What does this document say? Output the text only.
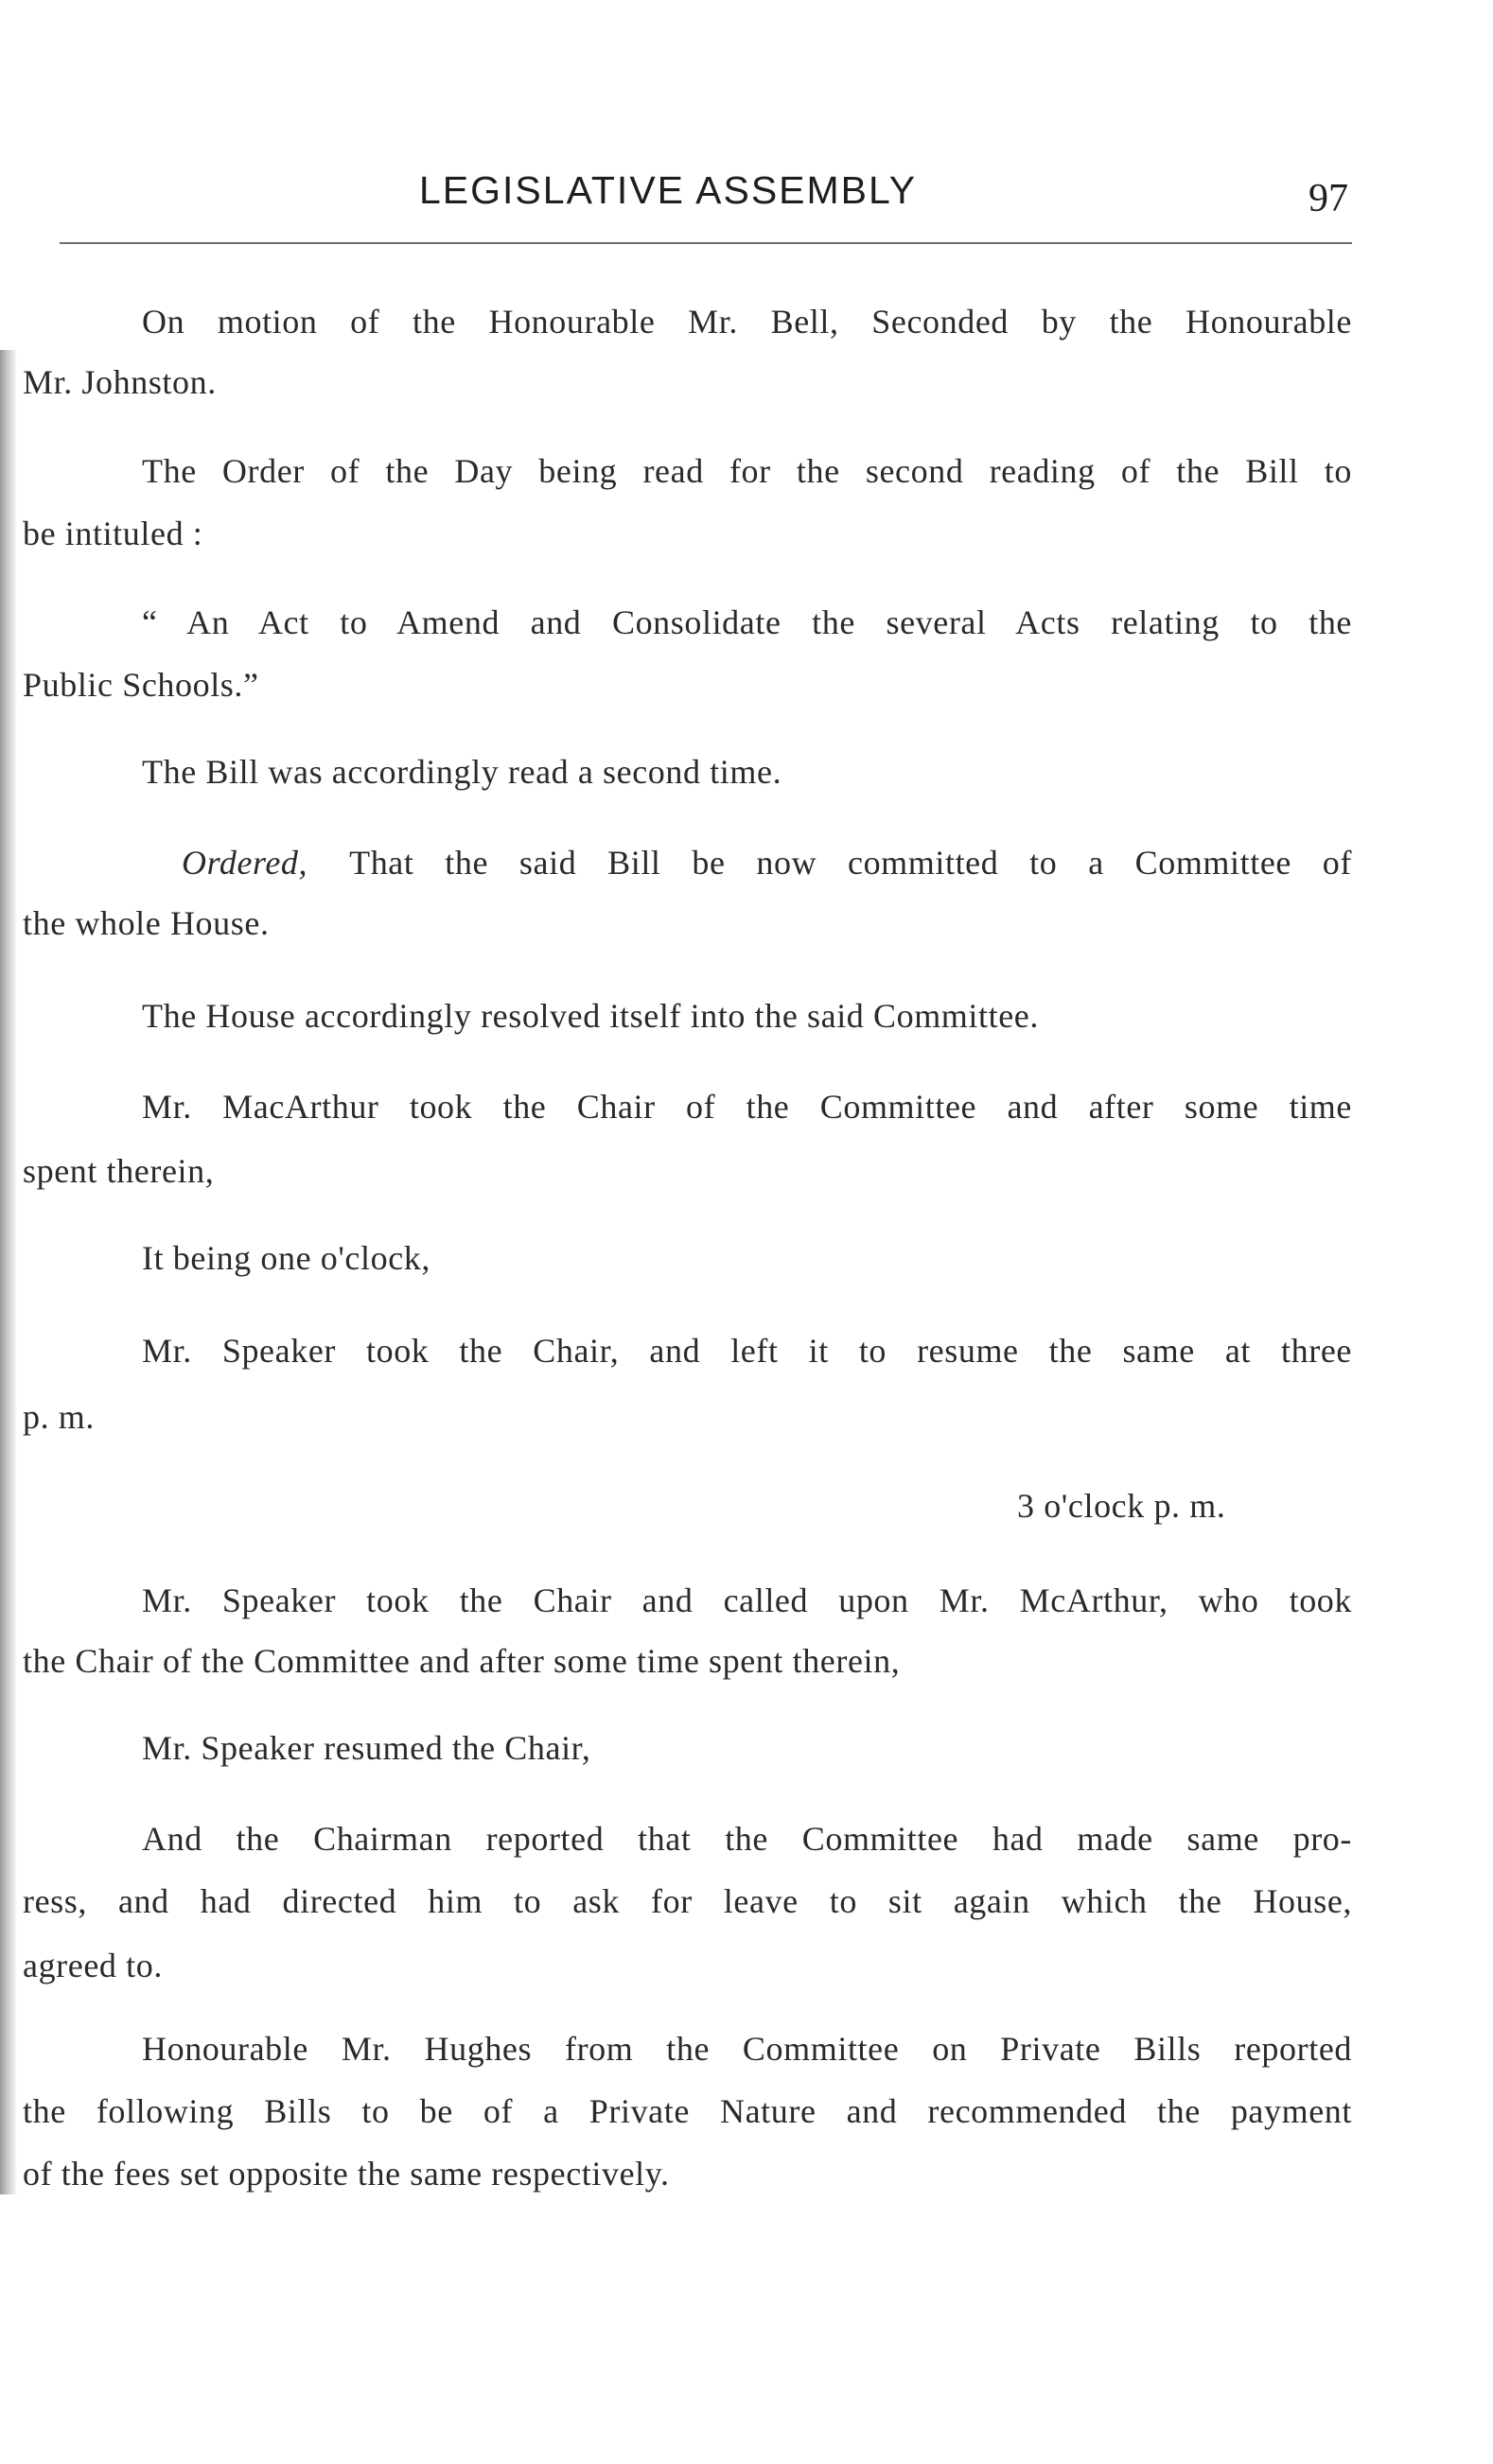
LEGISLATIVE ASSEMBLY	97
On motion of the Honourable Mr. Bell, Seconded by the Honourable
Mr. Johnston.
The Order of the Day being read for the second reading of the Bill to
be intituled :
“ An Act to Amend and Consolidate the several Acts relating to the
Public Schools.”
The Bill was accordingly read a second time.
Ordered, That the said Bill be now committed to a Committee of
the whole House.
The House accordingly resolved itself into the said Committee.
Mr. MacArthur took the Chair of the Committee and after some time
spent therein,
It being one o'clock,
Mr. Speaker took the Chair, and left it to resume the same at three
p. m.
3 o'clock p. m.
Mr. Speaker took the Chair and called upon Mr. McArthur, who took
the Chair of the Committee and after some time spent therein,
Mr. Speaker resumed the Chair,
And the Chairman reported that the Committee had made same pro-
ress, and had directed him to ask for leave to sit again which the House,
agreed to.
Honourable Mr. Hughes from the Committee on Private Bills reported
the following Bills to be of a Private Nature and recommended the payment
of the fees set opposite the same respectively.
